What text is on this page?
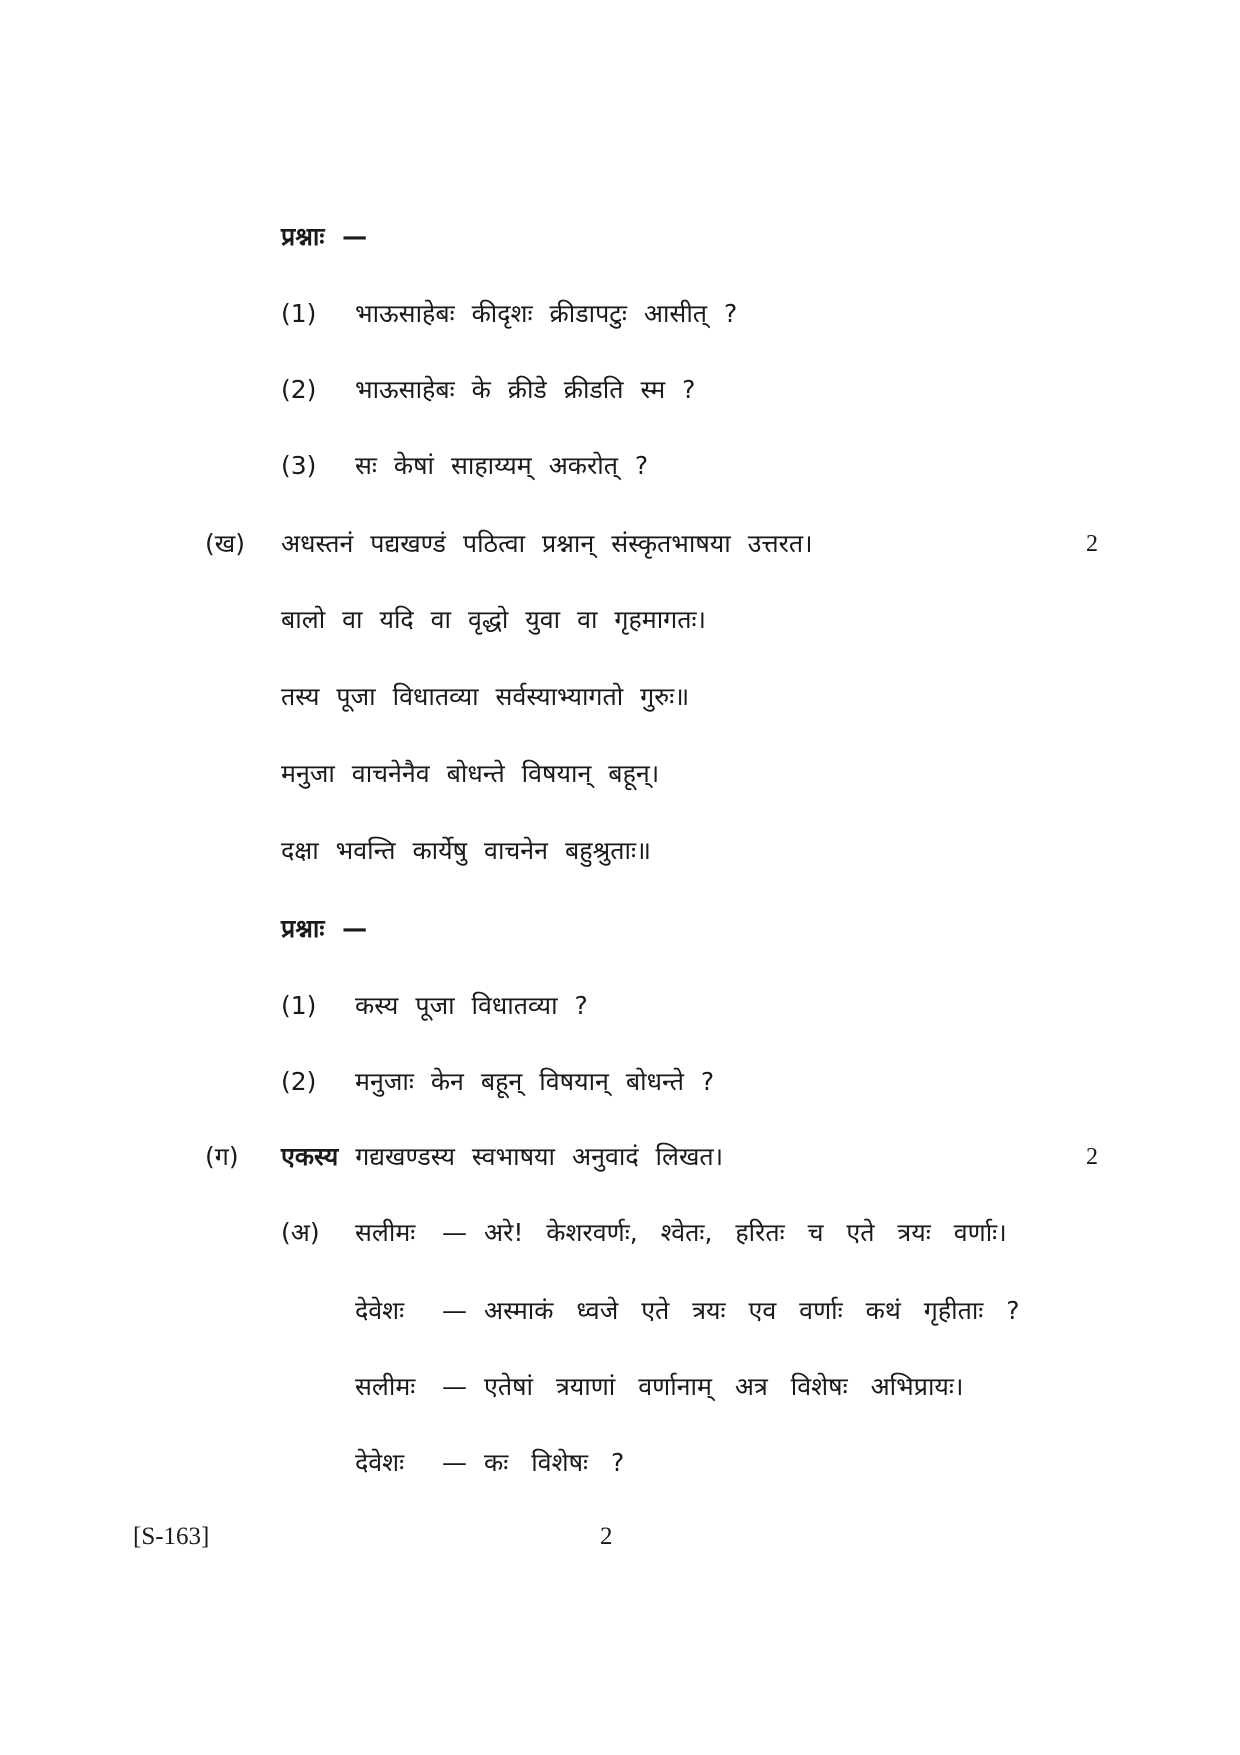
प्रश्नाः —
(1) भाऊसाहेबः कीदृशः क्रीडापटुः आसीत् ?
(2) भाऊसाहेबः के क्रीडे क्रीडति स्म ?
(3) सः केषां साहाय्यम् अकरोत् ?
(ख) अधस्तनं पद्यखण्डं पठित्वा प्रश्नान् संस्कृतभाषया उत्तरत।	2
बालो वा यदि वा वृद्धो युवा वा गृहमागतः।
तस्य पूजा विधातव्या सर्वस्याभ्यागतो गुरुः॥
मनुजा वाचनेनैव बोधन्ते विषयान् बहून्।
दक्षा भवन्ति कार्येषु वाचनेन बहुश्रुताः॥
प्रश्नाः —
(1) कस्य पूजा विधातव्या ?
(2) मनुजाः केन बहून् विषयान् बोधन्ते ?
(ग) एकस्य गद्यखण्डस्य स्वभाषया अनुवादं लिखत।	2
(अ) सलीमः — अरे! केशरवर्णः, श्वेतः, हरितः च एते त्रयः वर्णाः।
देवेशः — अस्माकं ध्वजे एते त्रयः एव वर्णाः कथं गृहीताः ?
सलीमः — एतेषां त्रयाणां वर्णानाम् अत्र विशेषः अभिप्रायः।
देवेशः — कः विशेषः ?
[S-163]	2
